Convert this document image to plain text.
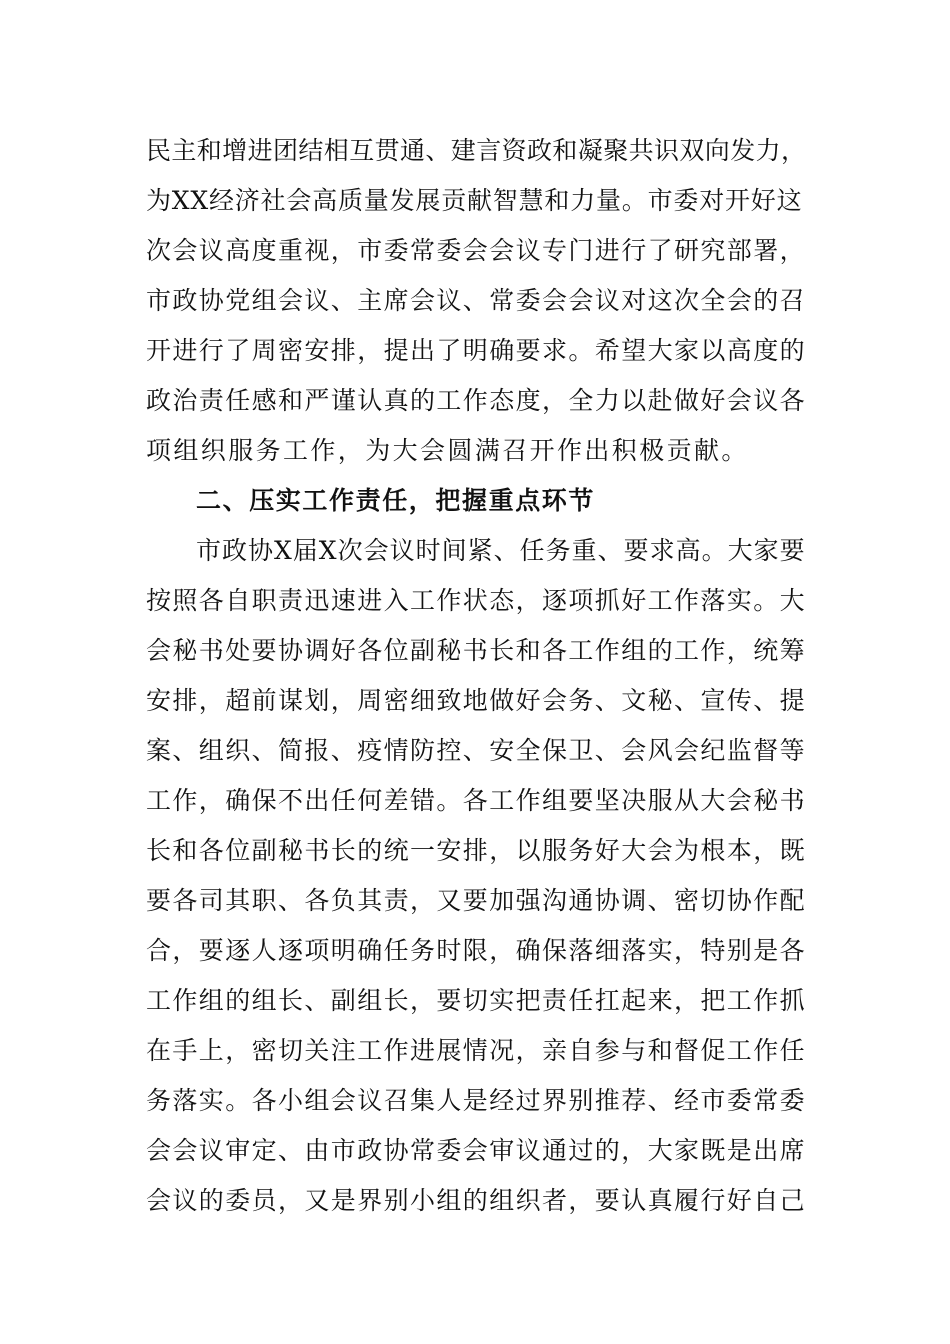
民主和增进团结相互贯通、建言资政和凝聚共识双向发力，
为XX经济社会高质量发展贡献智慧和力量。市委对开好这
次会议高度重视，市委常委会会议专门进行了研究部署，
市政协党组会议、主席会议、常委会会议对这次全会的召
开进行了周密安排，提出了明确要求。希望大家以高度的
政治责任感和严谨认真的工作态度，全力以赴做好会议各
项组织服务工作，为大会圆满召开作出积极贡献。
二、压实工作责任，把握重点环节
市政协X届X次会议时间紧、任务重、要求高。大家要
按照各自职责迅速进入工作状态，逐项抓好工作落实。大
会秘书处要协调好各位副秘书长和各工作组的工作，统筹
安排，超前谋划，周密细致地做好会务、文秘、宣传、提
案、组织、简报、疫情防控、安全保卫、会风会纪监督等
工作，确保不出任何差错。各工作组要坚决服从大会秘书
长和各位副秘书长的统一安排，以服务好大会为根本，既
要各司其职、各负其责，又要加强沟通协调、密切协作配
合，要逐人逐项明确任务时限，确保落细落实，特别是各
工作组的组长、副组长，要切实把责任扛起来，把工作抓
在手上，密切关注工作进展情况，亲自参与和督促工作任
务落实。各小组会议召集人是经过界别推荐、经市委常委
会会议审定、由市政协常委会审议通过的，大家既是出席
会议的委员，又是界别小组的组织者，要认真履行好自己
